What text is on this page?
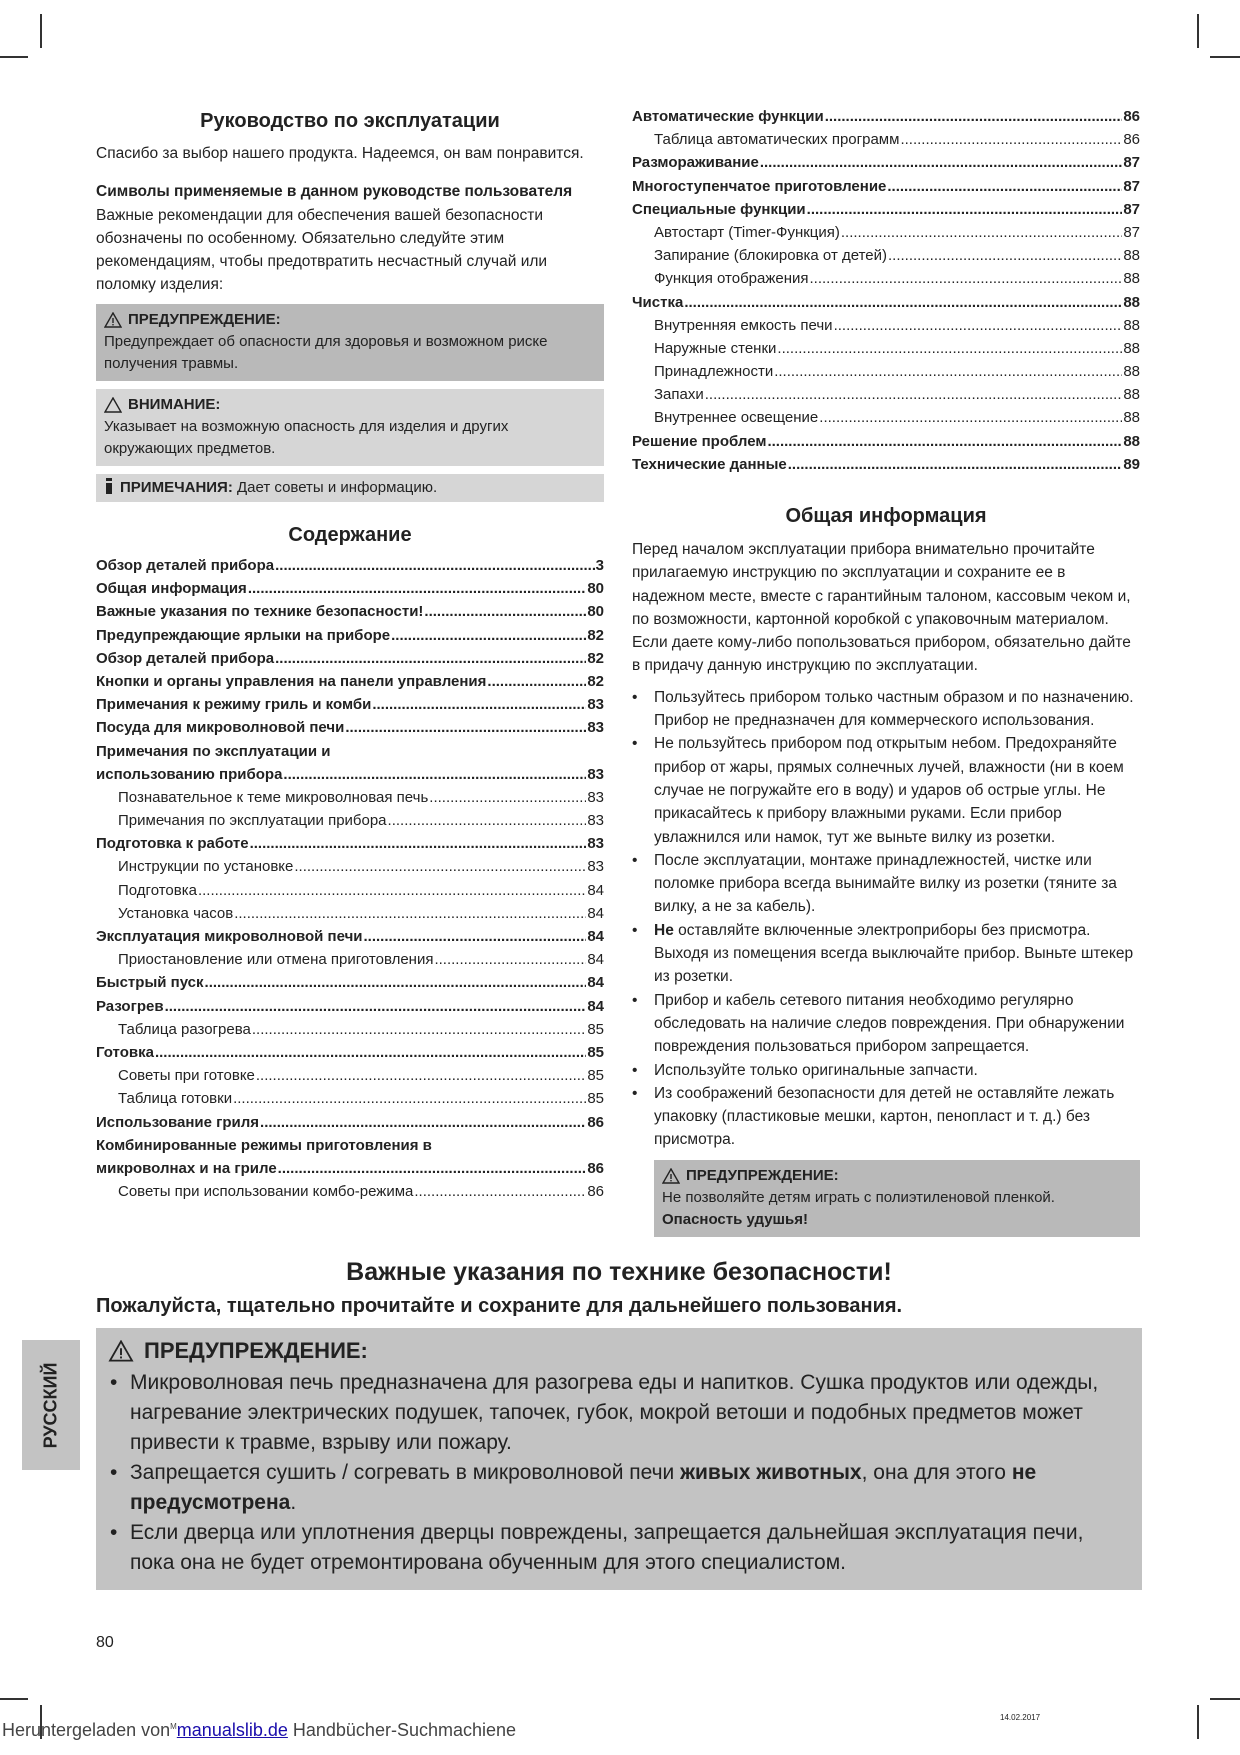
Руководство по эксплуатации

Спасибо за выбор нашего продукта. Надеемся, он вам понравится.

Символы применяемые в данном руководстве пользователя

Важные рекомендации для обеспечения вашей безопасности обозначены по особенному. Обязательно следуйте этим рекомендациям, чтобы предотвратить несчастный случай или поломку изделия:

ПРЕДУПРЕЖДЕНИЕ:

Предупреждает об опасности для здоровья и возможном риске получения травмы.

ВНИМАНИЕ:

Указывает на возможную опасность для изделия и других окружающих предметов.

ПРИМЕЧАНИЯ: Дает советы и информацию.
Содержание
Обзор деталей прибора .....	3
Общая информация .....	80
Важные указания по технике безопасности! .....	80
Предупреждающие ярлыки на приборе .....	82
Обзор деталей прибора .....	82
Кнопки и органы управления на панели управления .....	82
Примечания к режиму гриль и комби .....	83
Посуда для микроволновой печи .....	83
Примечания по эксплуатации и
использованию прибора .....	83
Познавательное к теме микроволновая печь .....	83
Примечания по эксплуатации прибора .....	83
Подготовка к работе .....	83
Инструкции по установке .....	83
Подготовка .....	84
Установка часов .....	84
Эксплуатация микроволновой печи .....	84
Приостановление или отмена приготовления .....	84
Быстрый пуск .....	84
Разогрев .....	84
Таблица разогрева .....	85
Готовка .....	85
Советы при готовке .....	85
Таблица готовки .....	85
Использование гриля .....	86
Комбинированные режимы приготовления в
микроволнах и на гриле .....	86
Советы при использовании комбо-режима .....	86
Автоматические функции .....	86
Таблица автоматических программ .....	86
Размораживание .....	87
Многоступенчатое приготовление .....	87
Специальные функции .....	87
Автостарт (Timer-Функция) .....	87
Запирание (блокировка от детей) .....	88
Функция отображения .....	88
Чистка .....	88
Внутренняя емкость печи .....	88
Наружные стенки .....	88
Принадлежности .....	88
Запахи .....	88
Внутреннее освещение .....	88
Решение проблем .....	88
Технические данные .....	89
Общая информация

Перед началом эксплуатации прибора внимательно прочитайте прилагаемую инструкцию по эксплуатации и сохраните ее в надежном месте, вместе с гарантийным талоном, кассовым чеком и, по возможности, картонной коробкой с упаковочным материалом. Если даете кому-либо попользоваться прибором, обязательно дайте в придачу данную инструкцию по эксплуатации.

• Пользуйтесь прибором только частным образом и по назначению. Прибор не предназначен для коммерческого использования.
• Не пользуйтесь прибором под открытым небом. Предохраняйте прибор от жары, прямых солнечных лучей, влажности (ни в коем случае не погружайте его в воду) и ударов об острые углы. Не прикасайтесь к прибору влажными руками. Если прибор увлажнился или намок, тут же выньте вилку из розетки.
• После эксплуатации, монтаже принадлежностей, чистке или поломке прибора всегда вынимайте вилку из розетки (тяните за вилку, а не за кабель).
• Не оставляйте включенные электроприборы без присмотра. Выходя из помещения всегда выключайте прибор. Выньте штекер из розетки.
• Прибор и кабель сетевого питания необходимо регулярно обследовать на наличие следов повреждения. При обнаружении повреждения пользоваться прибором запрещается.
• Используйте только оригинальные запчасти.
• Из соображений безопасности для детей не оставляйте лежать упаковку (пластиковые мешки, картон, пенопласт и т. д.) без присмотра.
ПРЕДУПРЕЖДЕНИЕ:

Не позволяйте детям играть с полиэтиленовой пленкой.

Опасность удушья!

Важные указания по технике безопасности!
Пожалуйста, тщательно прочитайте и сохраните для дальнейшего пользования.
ПРЕДУПРЕЖДЕНИЕ:
• Микроволновая печь предназначена для разогрева еды и напитков. Сушка продуктов или одежды, нагревание электрических подушек, тапочек, губок, мокрой ветоши и подобных предметов может привести к травме, взрыву или пожару.
• Запрещается сушить / согревать в микроволновой печи живых животных, она для этого не предусмотрена.
• Если дверца или уплотнения дверцы повреждены, запрещается дальнейшая эксплуатация печи, пока она не будет отремонтирована обученным для этого специалистом.
РУССКИЙ
80
14.02.2017
Heruntergeladen von$^M$manualslib.de Handbücher-Suchmachiene
